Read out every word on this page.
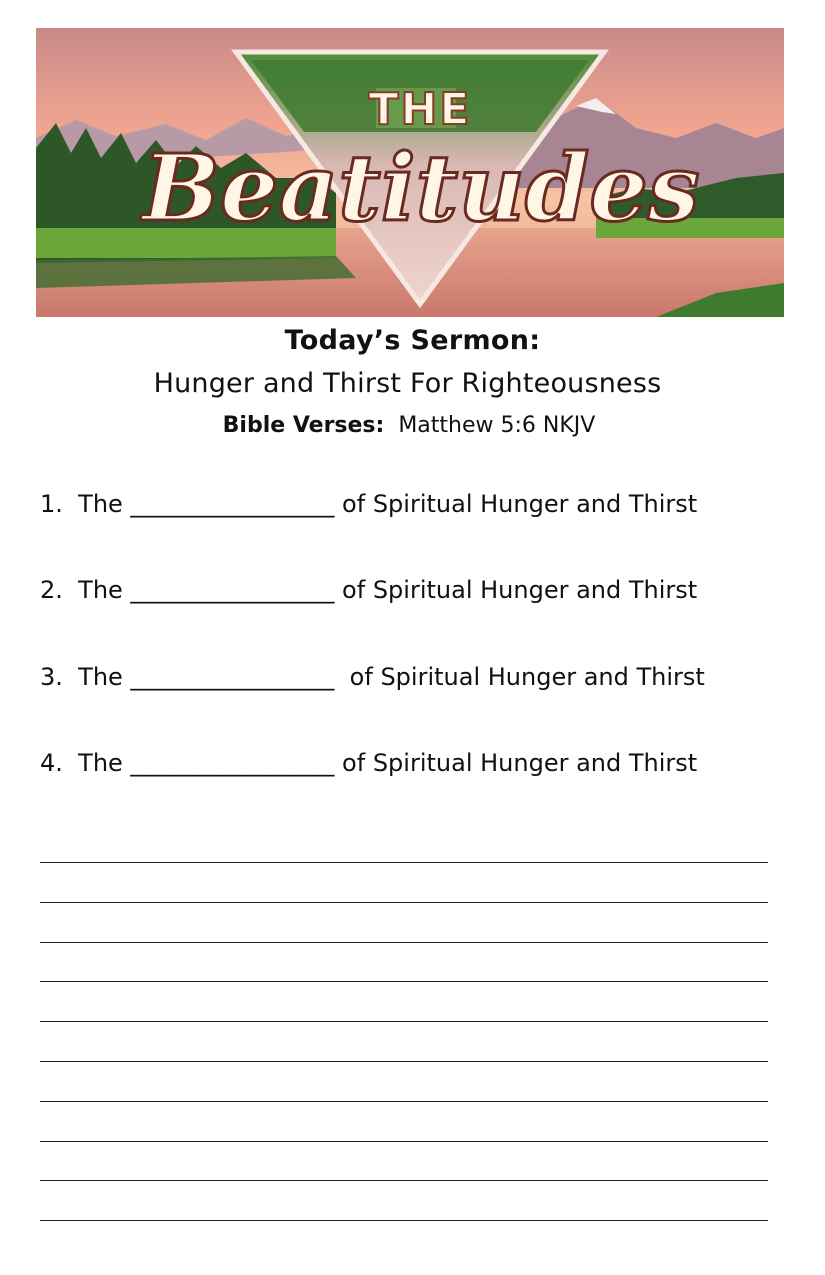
THE
Beatitudes
Today’s Sermon:
Hunger and Thirst For Righteousness
Bible Verses: Matthew 5:6 NKJV
1.  The _________________ of Spiritual Hunger and Thirst
2.  The _________________ of Spiritual Hunger and Thirst
3.  The _________________  of Spiritual Hunger and Thirst
4.  The _________________ of Spiritual Hunger and Thirst
